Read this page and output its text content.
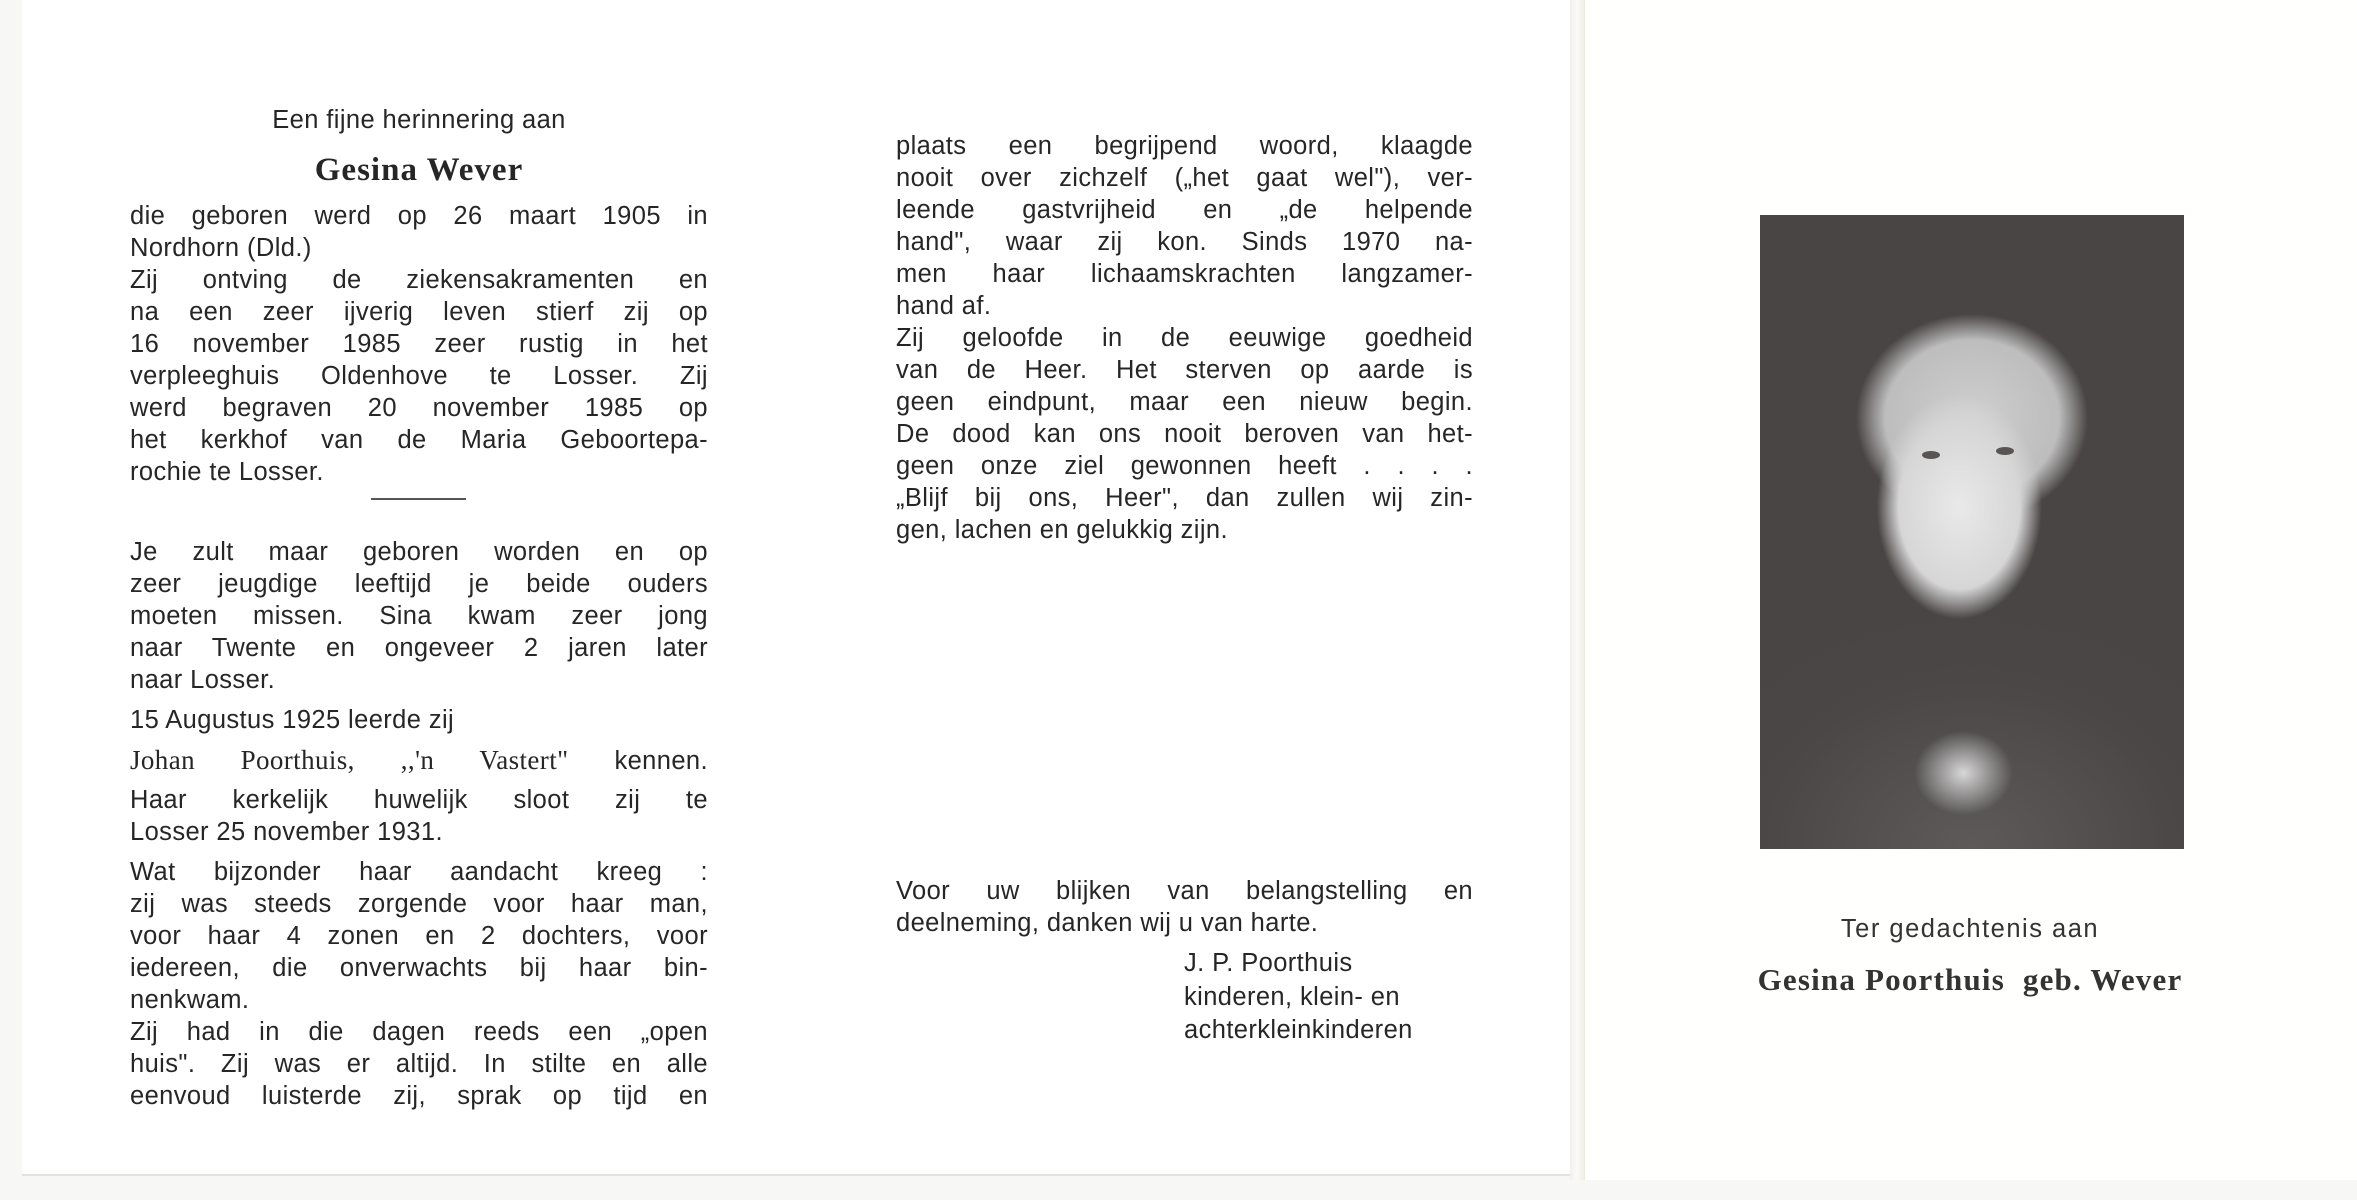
Een fijne herinnering aan
Gesina Wever
die geboren werd op 26 maart 1905 in
Nordhorn (Dld.)
Zij ontving de ziekensakramenten en
na een zeer ijverig leven stierf zij op
16 november 1985 zeer rustig in het
verpleeghuis Oldenhove te Losser. Zij
werd begraven 20 november 1985 op
het kerkhof van de Maria Geboortepa-
rochie te Losser.
Je zult maar geboren worden en op
zeer jeugdige leeftijd je beide ouders
moeten missen. Sina kwam zeer jong
naar Twente en ongeveer 2 jaren later
naar Losser.
15 Augustus 1925 leerde zij
Johan Poorthuis, ,,'n Vastert" kennen.
Haar kerkelijk huwelijk sloot zij te
Losser 25 november 1931.
Wat bijzonder haar aandacht kreeg :
zij was steeds zorgende voor haar man,
voor haar 4 zonen en 2 dochters, voor
iedereen, die onverwachts bij haar bin-
nenkwam.
Zij had in die dagen reeds een „open
huis". Zij was er altijd. In stilte en alle
eenvoud luisterde zij, sprak op tijd en
plaats een begrijpend woord, klaagde
nooit over zichzelf („het gaat wel"), ver-
leende gastvrijheid en „de helpende
hand", waar zij kon. Sinds 1970 na-
men haar lichaamskrachten langzamer-
hand af.
Zij geloofde in de eeuwige goedheid
van de Heer. Het sterven op aarde is
geen eindpunt, maar een nieuw begin.
De dood kan ons nooit beroven van het-
geen onze ziel gewonnen heeft . . . .
„Blijf bij ons, Heer", dan zullen wij zin-
gen, lachen en gelukkig zijn.
Voor uw blijken van belangstelling en
deelneming, danken wij u van harte.
J. P. Poorthuis
kinderen, klein- en
achterkleinkinderen
Ter gedachtenis aan
Gesina Poorthuis  geb. Wever
